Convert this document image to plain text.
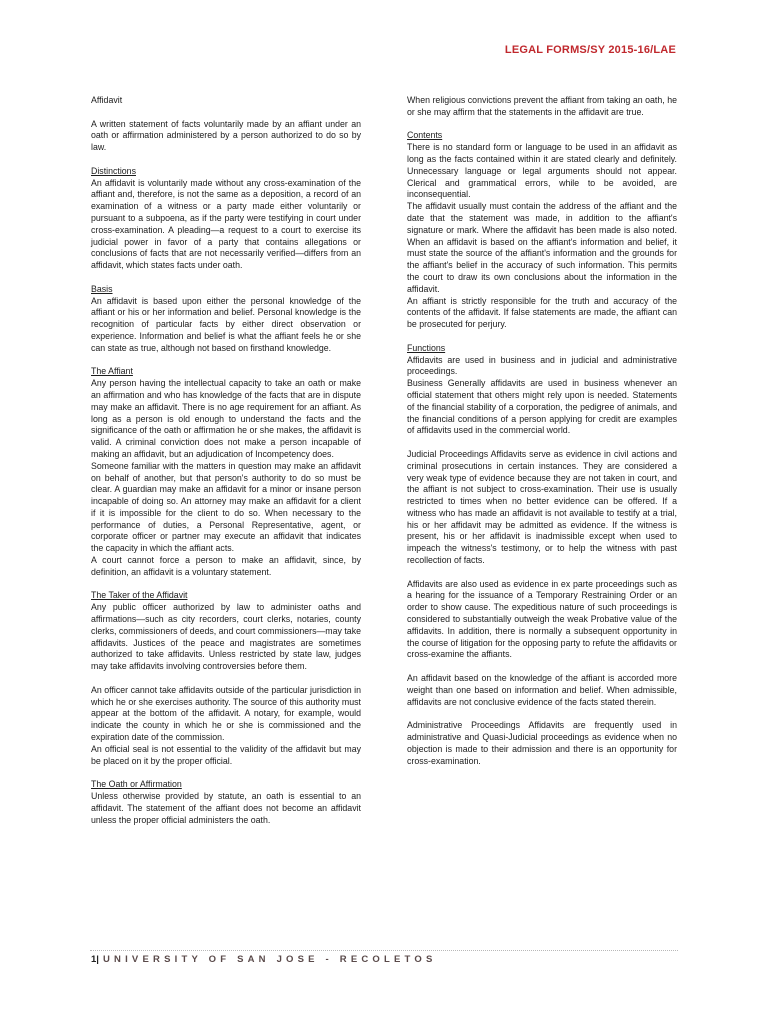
LEGAL FORMS/SY 2015-16/LAE
Affidavit

A written statement of facts voluntarily made by an affiant under an oath or affirmation administered by a person authorized to do so by law.

Distinctions

An affidavit is voluntarily made without any cross-examination of the affiant and, therefore, is not the same as a deposition, a record of an examination of a witness or a party made either voluntarily or pursuant to a subpoena, as if the party were testifying in court under cross-examination. A pleading—a request to a court to exercise its judicial power in favor of a party that contains allegations or conclusions of facts that are not necessarily verified—differs from an affidavit, which states facts under oath.

Basis

An affidavit is based upon either the personal knowledge of the affiant or his or her information and belief. Personal knowledge is the recognition of particular facts by either direct observation or experience. Information and belief is what the affiant feels he or she can state as true, although not based on firsthand knowledge.

The Affiant

Any person having the intellectual capacity to take an oath or make an affirmation and who has knowledge of the facts that are in dispute may make an affidavit. There is no age requirement for an affiant. As long as a person is old enough to understand the facts and the significance of the oath or affirmation he or she makes, the affidavit is valid. A criminal conviction does not make a person incapable of making an affidavit, but an adjudication of Incompetency does.

Someone familiar with the matters in question may make an affidavit on behalf of another, but that person's authority to do so must be clear. A guardian may make an affidavit for a minor or insane person incapable of doing so. An attorney may make an affidavit for a client if it is impossible for the client to do so. When necessary to the performance of duties, a Personal Representative, agent, or corporate officer or partner may execute an affidavit that indicates the capacity in which the affiant acts.

A court cannot force a person to make an affidavit, since, by definition, an affidavit is a voluntary statement.

The Taker of the Affidavit

Any public officer authorized by law to administer oaths and affirmations—such as city recorders, court clerks, notaries, county clerks, commissioners of deeds, and court commissioners—may take affidavits. Justices of the peace and magistrates are sometimes authorized to take affidavits. Unless restricted by state law, judges may take affidavits involving controversies before them.

An officer cannot take affidavits outside of the particular jurisdiction in which he or she exercises authority. The source of this authority must appear at the bottom of the affidavit. A notary, for example, would indicate the county in which he or she is commissioned and the expiration date of the commission.

An official seal is not essential to the validity of the affidavit but may be placed on it by the proper official.

The Oath or Affirmation

Unless otherwise provided by statute, an oath is essential to an affidavit. The statement of the affiant does not become an affidavit unless the proper official administers the oath.

When religious convictions prevent the affiant from taking an oath, he or she may affirm that the statements in the affidavit are true.

Contents

There is no standard form or language to be used in an affidavit as long as the facts contained within it are stated clearly and definitely. Unnecessary language or legal arguments should not appear. Clerical and grammatical errors, while to be avoided, are inconsequential.

The affidavit usually must contain the address of the affiant and the date that the statement was made, in addition to the affiant's signature or mark. Where the affidavit has been made is also noted. When an affidavit is based on the affiant's information and belief, it must state the source of the affiant's information and the grounds for the affiant's belief in the accuracy of such information. This permits the court to draw its own conclusions about the information in the affidavit.

An affiant is strictly responsible for the truth and accuracy of the contents of the affidavit. If false statements are made, the affiant can be prosecuted for perjury.

Functions

Affidavits are used in business and in judicial and administrative proceedings.

Business Generally affidavits are used in business whenever an official statement that others might rely upon is needed. Statements of the financial stability of a corporation, the pedigree of animals, and the financial conditions of a person applying for credit are examples of affidavits used in the commercial world.

Judicial Proceedings Affidavits serve as evidence in civil actions and criminal prosecutions in certain instances. They are considered a very weak type of evidence because they are not taken in court, and the affiant is not subject to cross-examination. Their use is usually restricted to times when no better evidence can be offered. If a witness who has made an affidavit is not available to testify at a trial, his or her affidavit may be admitted as evidence. If the witness is present, his or her affidavit is inadmissible except when used to impeach the witness's testimony, or to help the witness with past recollection of facts.

Affidavits are also used as evidence in ex parte proceedings such as a hearing for the issuance of a Temporary Restraining Order or an order to show cause. The expeditious nature of such proceedings is considered to substantially outweigh the weak Probative value of the affidavits. In addition, there is normally a subsequent opportunity in the course of litigation for the opposing party to refute the affidavits or cross-examine the affiants.

An affidavit based on the knowledge of the affiant is accorded more weight than one based on information and belief. When admissible, affidavits are not conclusive evidence of the facts stated therein.

Administrative Proceedings Affidavits are frequently used in administrative and Quasi-Judicial proceedings as evidence when no objection is made to their admission and there is an opportunity for cross-examination.

1| UNIVERSITY OF SAN JOSE - RECOLETOS
